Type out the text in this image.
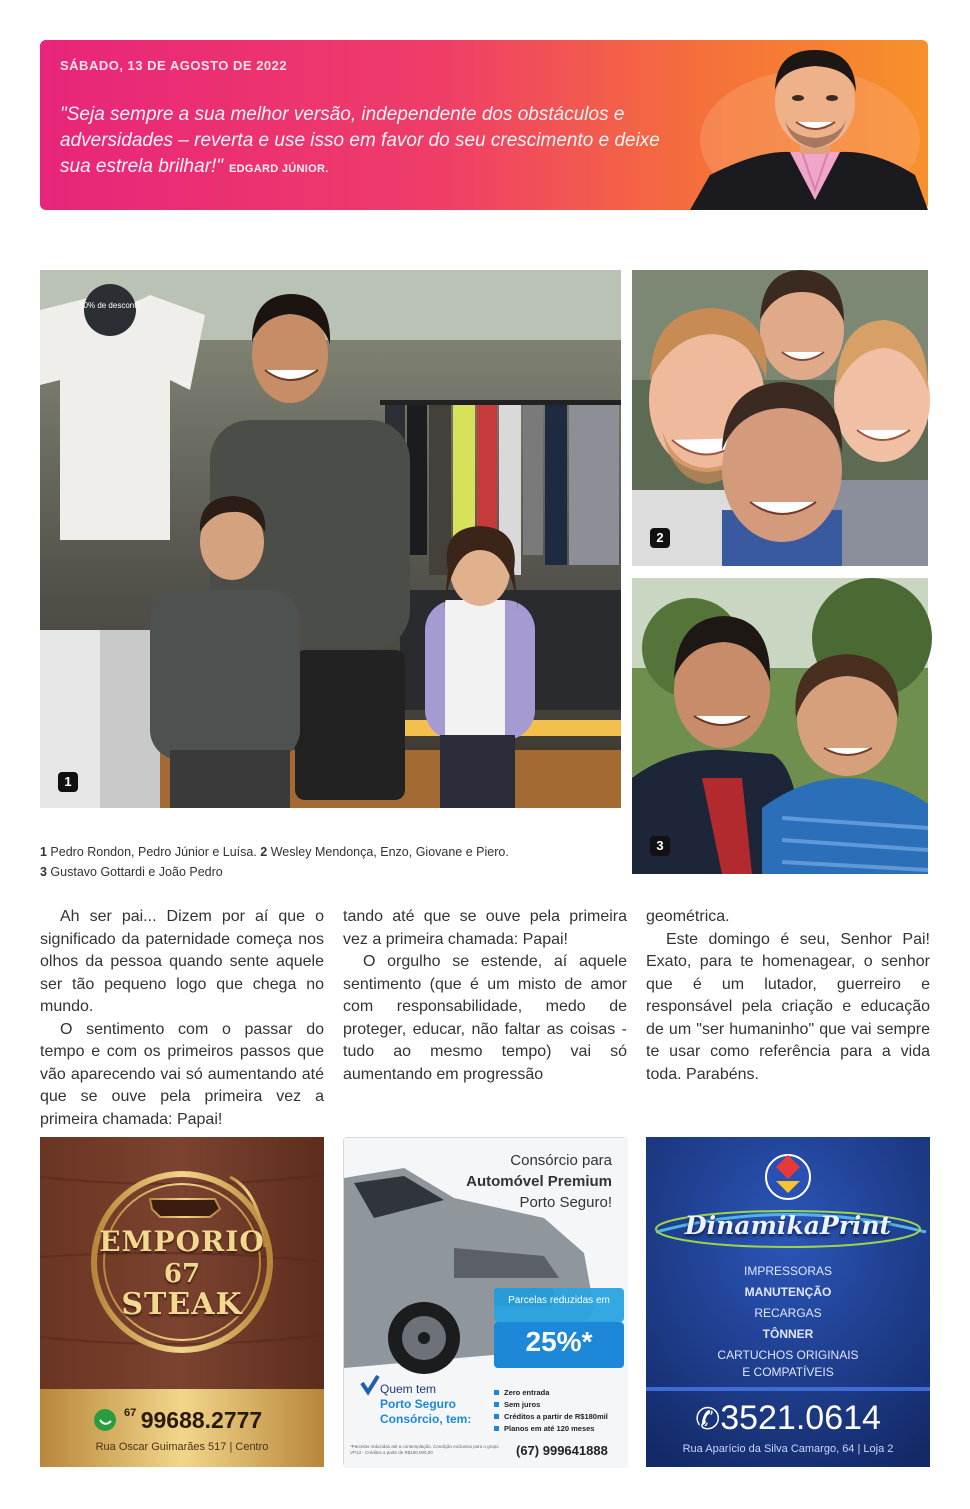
SÁBADO, 13 DE AGOSTO DE 2022
"Seja sempre a sua melhor versão, independente dos obstáculos e adversidades – reverta e use isso em favor do seu crescimento e deixe sua estrela brilhar!" EDGARD JÚNIOR.
10% de desconto
1
2
3
1 Pedro Rondon, Pedro Júnior e Luísa. 2 Wesley Mendonça, Enzo, Giovane e Piero.
3 Gustavo Gottardi e João Pedro

Ah ser pai... Dizem por aí que o significado da paternidade começa nos olhos da pessoa quando sente aquele ser tão pequeno logo que chega no mundo.

O sentimento com o passar do tempo e com os primeiros passos que vão aparecendo vai só aumentando até que se ouve pela primeira vez a primeira chamada: Papai!

tando até que se ouve pela primeira vez a primeira chamada: Papai!

O orgulho se estende, aí aquele sentimento (que é um misto de amor com responsabilidade, medo de proteger, educar, não faltar as coisas - tudo ao mesmo tempo) vai só aumentando em progressão

geométrica.

Este domingo é seu, Senhor Pai! Exato, para te homenagear, o senhor que é um lutador, guerreiro e responsável pela criação e educação de um "ser humaninho" que vai sempre te usar como referência para a vida toda. Parabéns.

EMPORIO
67
STEAK
$^{67}$ 99688.2777
Rua Oscar Guimarães 517 | Centro
Consórcio para
Automóvel Premium
Porto Seguro!
Parcelas reduzidas em
25%*
Quem tem
Porto Seguro
Consórcio, tem:
Zero entrada
Sem juros
Créditos a partir de R$180mil
Planos em até 120 meses
*Parcelas reduzidas até a contemplação. Condição exclusiva para o grupo VP13 - Créditos a partir de R$180.000,00	(67) 999641888
DinamikaPrint
IMPRESSORAS
MANUTENÇÃO
RECARGAS
TÔNNER
CARTUCHOS ORIGINAIS
E COMPATÍVEIS
✆3521.0614
Rua Aparício da Silva Camargo, 64 | Loja 2
